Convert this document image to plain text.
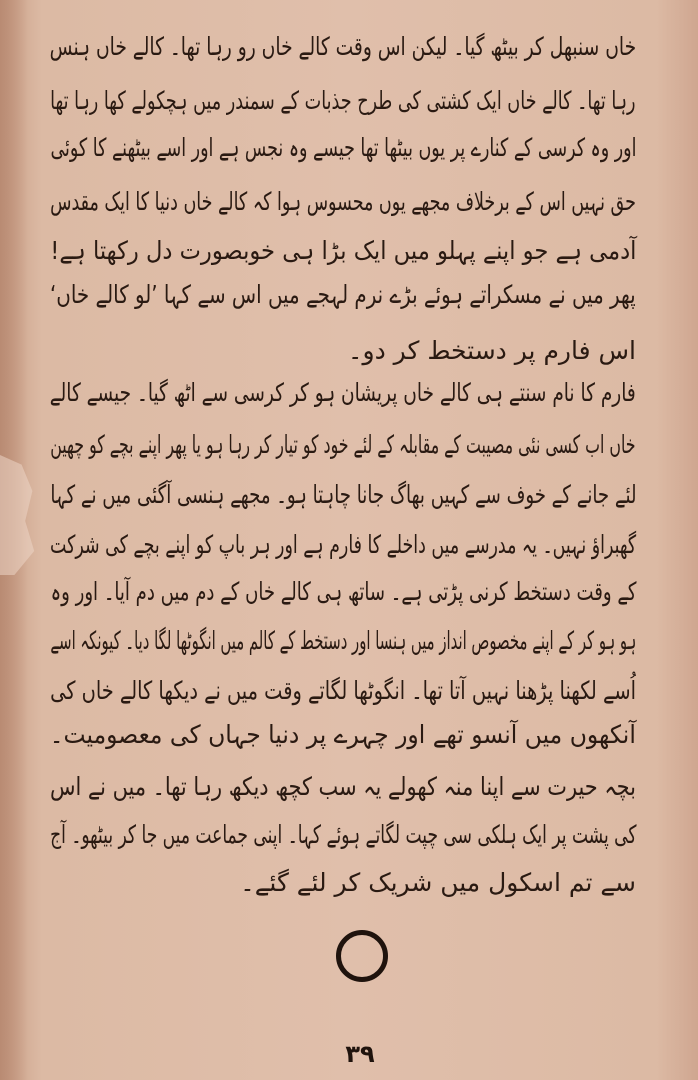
خاں سنبھل کر بیٹھ گیا۔ لیکن اس وقت کالے خاں رو رہا تھا۔ کالے خاں ہنس
رہا تھا۔ کالے خاں ایک کشتی کی طرح جذبات کے سمندر میں ہچکولے کھا رہا تھا
اور وہ کرسی کے کنارے پر یوں بیٹھا تھا جیسے وہ نجس ہے اور اسے بیٹھنے کا کوئی
حق نہیں اس کے برخلاف مجھے یوں محسوس ہوا کہ کالے خاں دنیا کا ایک مقدس
آدمی ہے جو اپنے پہلو میں ایک بڑا ہی خوبصورت دل رکھتا ہے!
پھر میں نے مسکراتے ہوئے بڑے نرم لہجے میں اس سے کہا ’لو کالے خاں‘
اس فارم پر دستخط کر دو۔
فارم کا نام سنتے ہی کالے خاں پریشان ہو کر کرسی سے اٹھ گیا۔ جیسے کالے
خاں اب کسی نئی مصیبت کے مقابلہ کے لئے خود کو تیار کر رہا ہو یا پھر اپنے بچے کو چھین
لئے جانے کے خوف سے کہیں بھاگ جانا چاہتا ہو۔ مجھے ہنسی آگئی میں نے کہا
گھبراؤ نہیں۔ یہ مدرسے میں داخلے کا فارم ہے اور ہر باپ کو اپنے بچے کی شرکت
کے وقت دستخط کرنی پڑتی ہے۔ ساتھ ہی کالے خاں کے دم میں دم آیا۔ اور وہ
ہو ہو کر کے اپنے مخصوص انداز میں ہنسا اور دستخط کے کالم میں انگوٹھا لگا دیا۔ کیونکہ اسے
اُسے لکھنا پڑھنا نہیں آتا تھا۔ انگوٹھا لگاتے وقت میں نے دیکھا کالے خاں کی
آنکھوں میں آنسو تھے اور چہرے پر دنیا جہاں کی معصومیت۔
بچہ حیرت سے اپنا منہ کھولے یہ سب کچھ دیکھ رہا تھا۔ میں نے اس
کی پشت پر ایک ہلکی سی چپت لگاتے ہوئے کہا۔ اپنی جماعت میں جا کر بیٹھو۔ آج
سے تم اسکول میں شریک کر لئے گئے۔
۳۹
